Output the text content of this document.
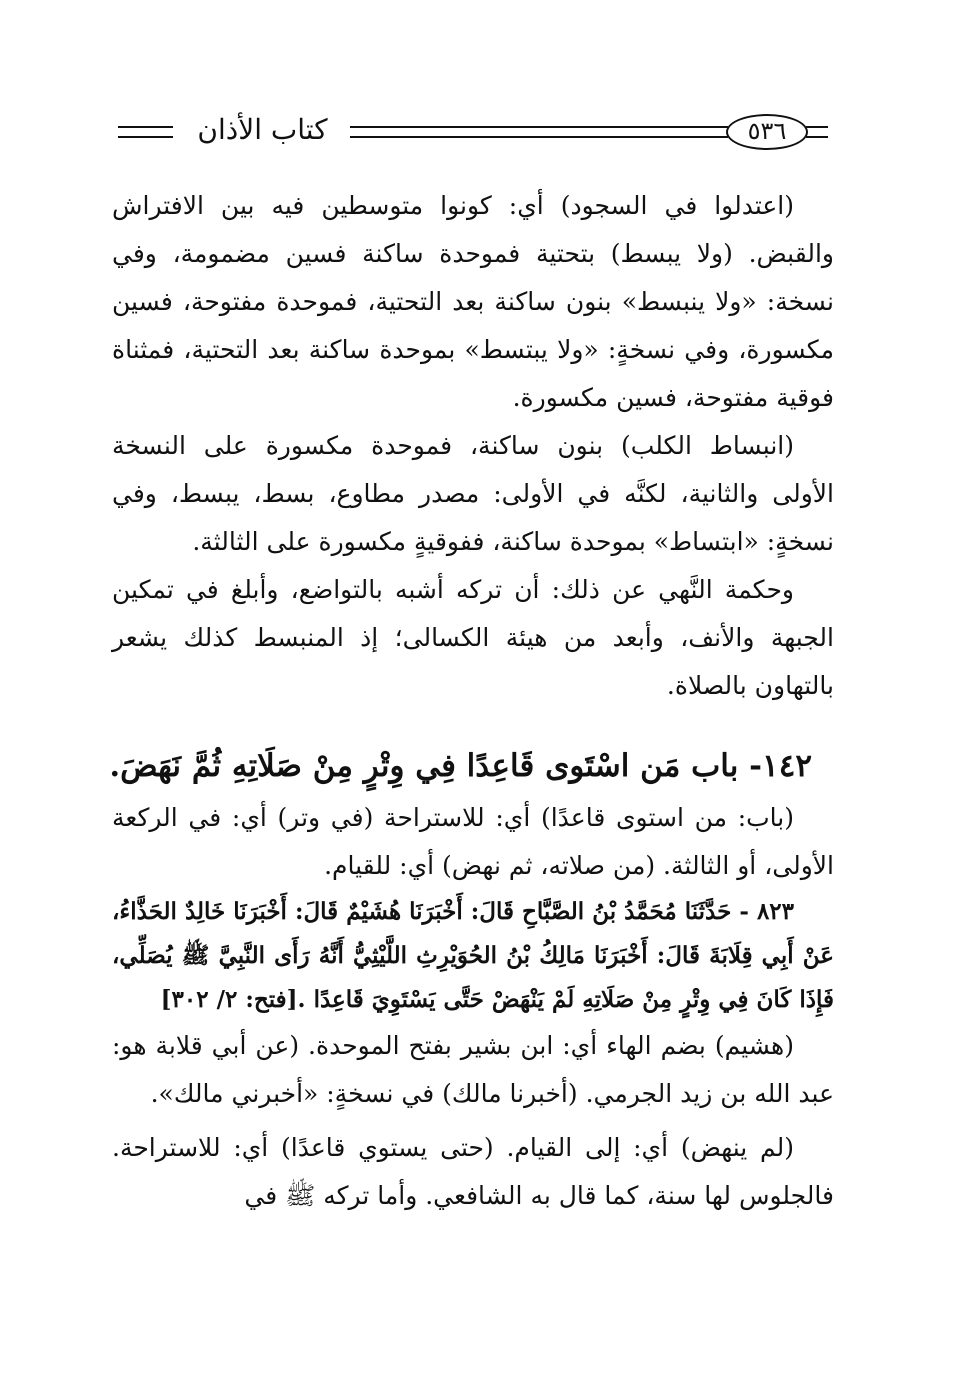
كتاب الأذان	٥٣٦

(اعتدلوا في السجود) أي: كونوا متوسطين فيه بين الافتراش والقبض. (ولا يبسط) بتحتية فموحدة ساكنة فسين مضمومة، وفي نسخة: «ولا ينبسط» بنون ساكنة بعد التحتية، فموحدة مفتوحة، فسين مكسورة، وفي نسخةٍ: «ولا يبتسط» بموحدة ساكنة بعد التحتية، فمثناة فوقية مفتوحة، فسين مكسورة.

(انبساط الكلب) بنون ساكنة، فموحدة مكسورة على النسخة الأولى والثانية، لكنَّه في الأولى: مصدر مطاوع، بسط، يبسط، وفي نسخةٍ: «ابتساط» بموحدة ساكنة، ففوقيةٍ مكسورة على الثالثة.

وحكمة النَّهي عن ذلك: أن تركه أشبه بالتواضع، وأبلغ في تمكين الجبهة والأنف، وأبعد من هيئة الكسالى؛ إذ المنبسط كذلك يشعر بالتهاون بالصلاة.

١٤٢- باب مَن اسْتَوى قَاعِدًا فِي وِتْرٍ مِنْ صَلَاتِهِ ثُمَّ نَهَضَ.

(باب: من استوى قاعدًا) أي: للاستراحة (في وتر) أي: في الركعة الأولى، أو الثالثة. (من صلاته، ثم نهض) أي: للقيام.

٨٢٣ - حَدَّثَنَا مُحَمَّدُ بْنُ الصَّبَّاحِ قَالَ: أَخْبَرَنَا هُشَيْمٌ قَالَ: أَخْبَرَنَا خَالِدٌ الحَذَّاءُ، عَنْ أَبِي قِلَابَةَ قَالَ: أَخْبَرَنَا مَالِكُ بْنُ الحُوَيْرِثِ اللَّيْثِيُّ أَنَّهُ رَأَى النَّبِيَّ ﷺ يُصَلِّي، فَإِذَا كَانَ فِي وِتْرٍ مِنْ صَلَاتِهِ لَمْ يَنْهَضْ حَتَّى يَسْتَوِيَ قَاعِدًا .[فتح: ٢/ ٣٠٢]

(هشيم) بضم الهاء أي: ابن بشير بفتح الموحدة. (عن أبي قلابة هو: عبد الله بن زيد الجرمي. (أخبرنا مالك) في نسخةٍ: «أخبرني مالك».

(لم ينهض) أي: إلى القيام. (حتى يستوي قاعدًا) أي: للاستراحة. فالجلوس لها سنة، كما قال به الشافعي. وأما تركه ﷺ في
